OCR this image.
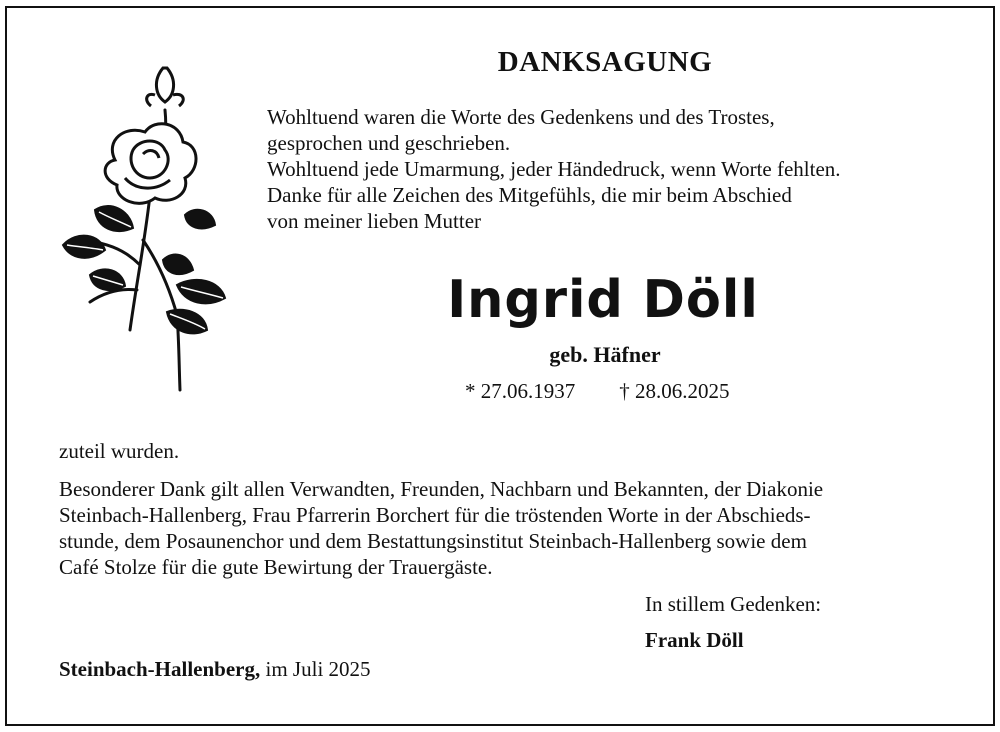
DANKSAGUNG
Wohltuend waren die Worte des Gedenkens und des Trostes,
gesprochen und geschrieben.
Wohltuend jede Umarmung, jeder Händedruck, wenn Worte fehlten.
Danke für alle Zeichen des Mitgefühls, die mir beim Abschied
von meiner lieben Mutter
Ingrid Döll
geb. Häfner
* 27.06.1937 † 28.06.2025
zuteil wurden.
Besonderer Dank gilt allen Verwandten, Freunden, Nachbarn und Bekannten, der Diakonie
Steinbach-Hallenberg, Frau Pfarrerin Borchert für die tröstenden Worte in der Abschieds-
stunde, dem Posaunenchor und dem Bestattungsinstitut Steinbach-Hallenberg sowie dem
Café Stolze für die gute Bewirtung der Trauergäste.
In stillem Gedenken:
Frank Döll
Steinbach-Hallenberg, im Juli 2025
